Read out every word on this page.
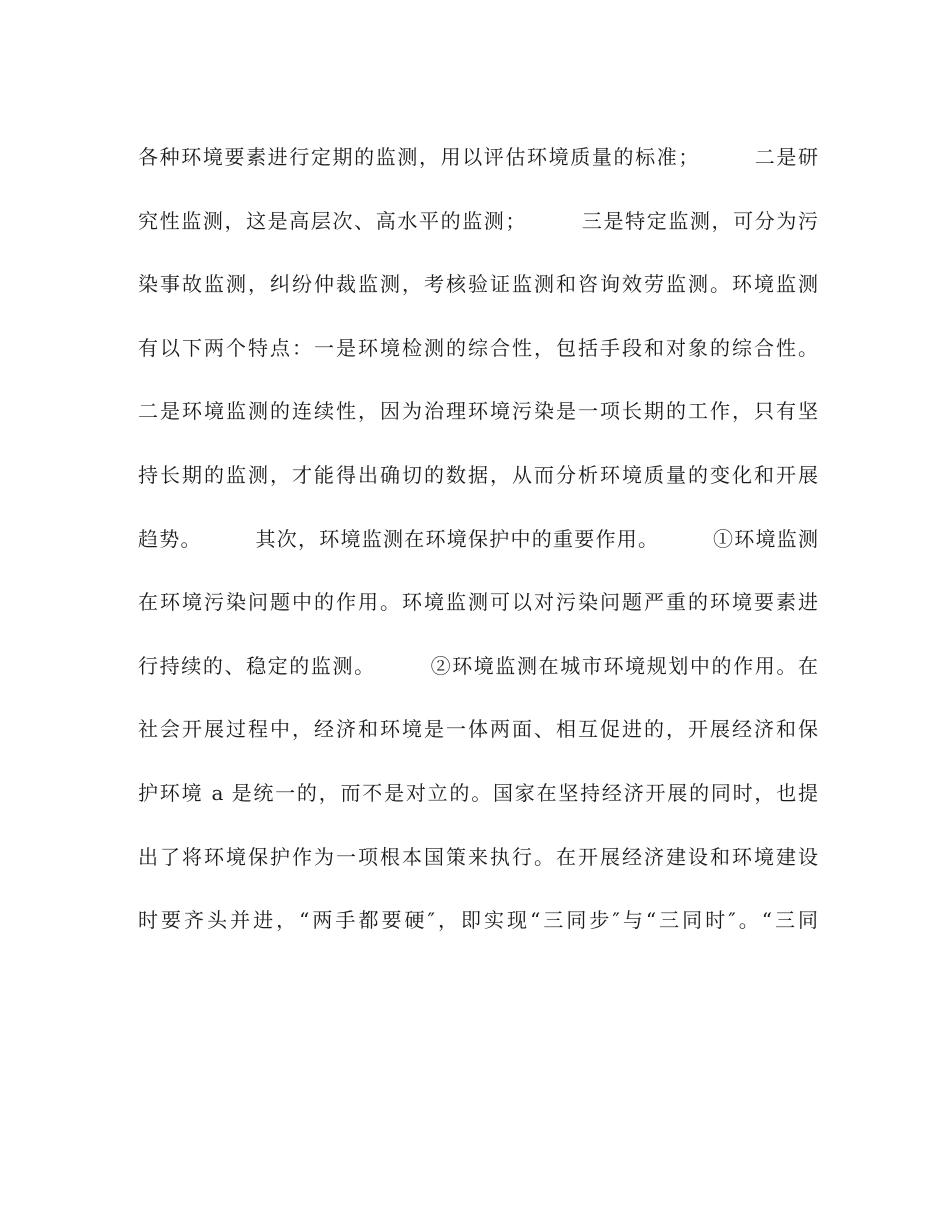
各种环境要素进行定期的监测，用以评估环境质量的标准；　　　二是研
究性监测，这是高层次、高水平的监测；　　　三是特定监测，可分为污
染事故监测，纠纷仲裁监测，考核验证监测和咨询效劳监测。环境监测
有以下两个特点：一是环境检测的综合性，包括手段和对象的综合性。
二是环境监测的连续性，因为治理环境污染是一项长期的工作，只有坚
持长期的监测，才能得出确切的数据，从而分析环境质量的变化和开展
趋势。　　　其次，环境监测在环境保护中的重要作用。　　　①环境监测
在环境污染问题中的作用。环境监测可以对污染问题严重的环境要素进
行持续的、稳定的监测。　　　②环境监测在城市环境规划中的作用。在
社会开展过程中，经济和环境是一体两面、相互促进的，开展经济和保
护环境 a 是统一的，而不是对立的。国家在坚持经济开展的同时，也提
出了将环境保护作为一项根本国策来执行。在开展经济建设和环境建设
时要齐头并进，“两手都要硬″，即实现“三同步″与“三同时″。“三同
